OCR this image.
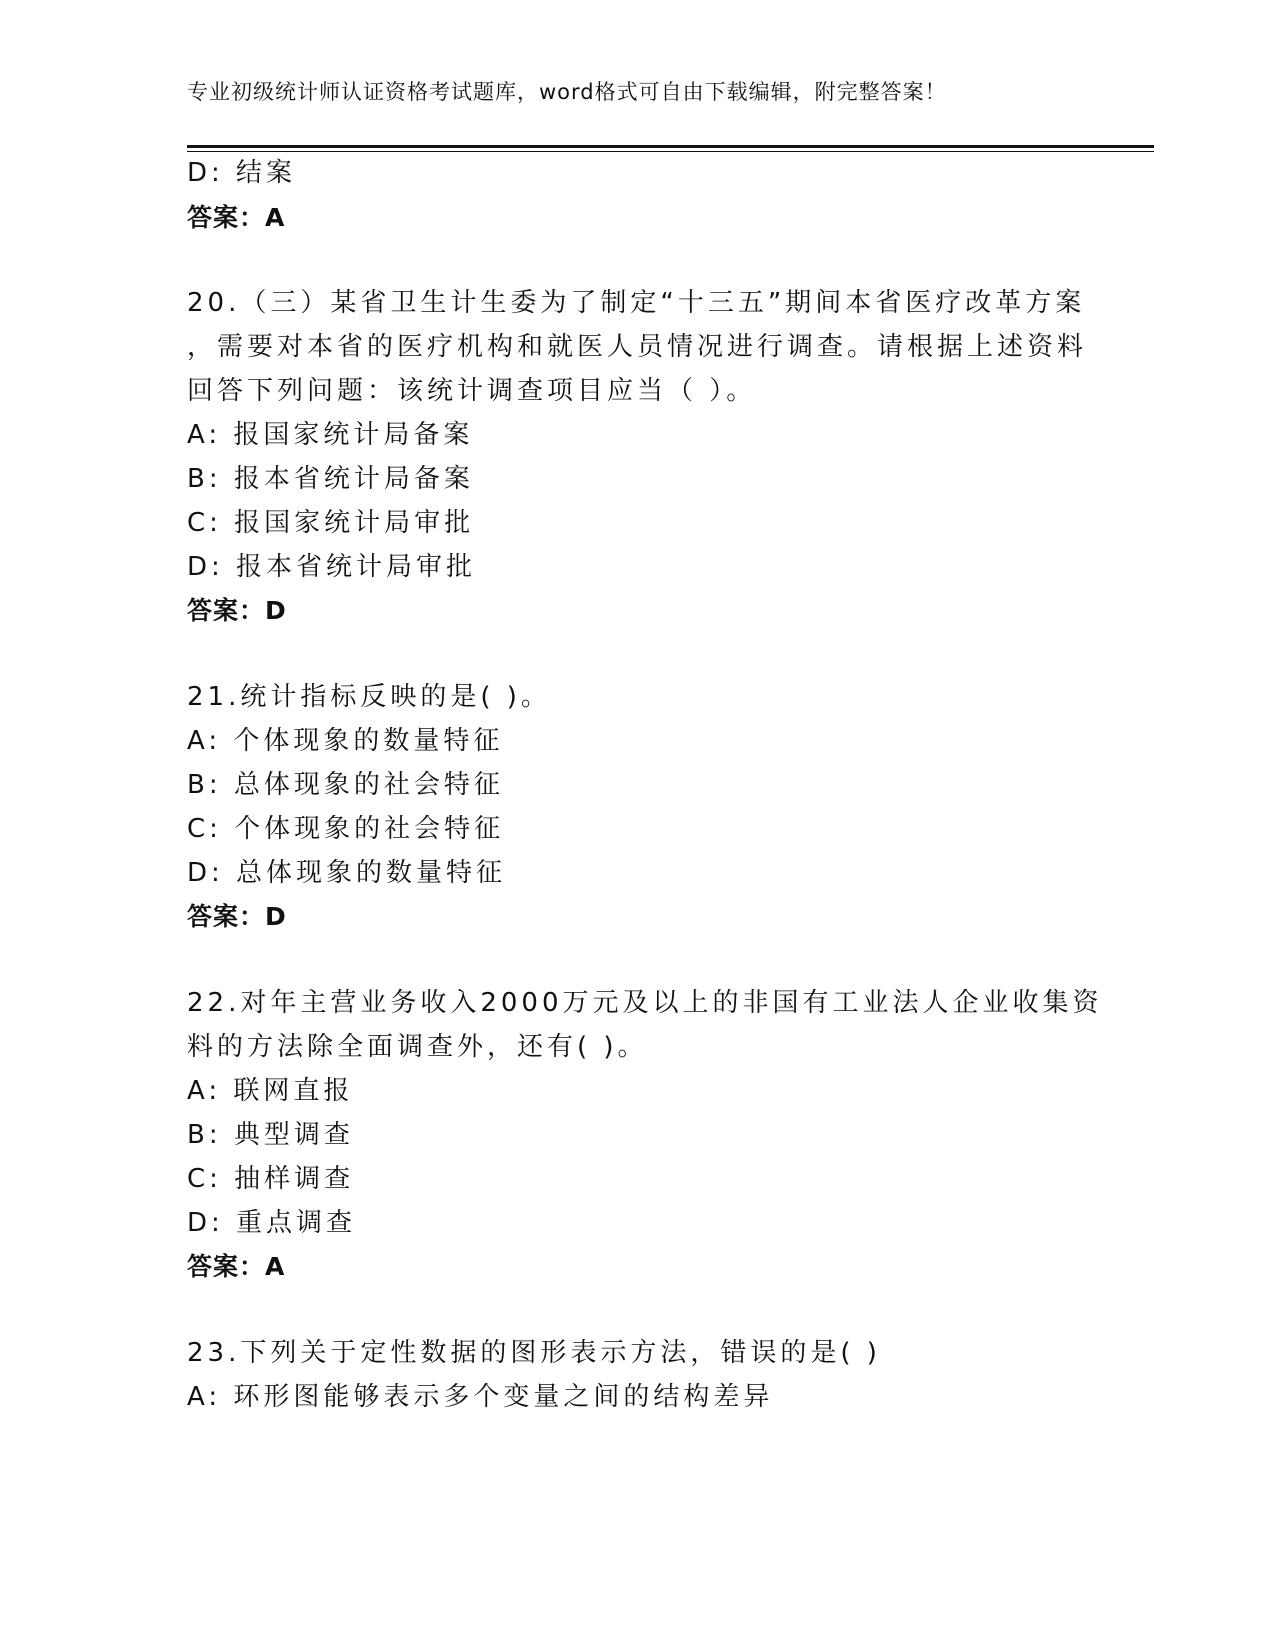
专业初级统计师认证资格考试题库，word格式可自由下载编辑，附完整答案！
D: 结案
答案：A
20.（三）某省卫生计生委为了制定“十三五”期间本省医疗改革方案
，需要对本省的医疗机构和就医人员情况进行调查。请根据上述资料
回答下列问题：该统计调查项目应当（ ）。
A: 报国家统计局备案
B: 报本省统计局备案
C: 报国家统计局审批
D: 报本省统计局审批
答案：D
21.统计指标反映的是( )。
A: 个体现象的数量特征
B: 总体现象的社会特征
C: 个体现象的社会特征
D: 总体现象的数量特征
答案：D
22.对年主营业务收入2000万元及以上的非国有工业法人企业收集资
料的方法除全面调查外，还有( )。
A: 联网直报
B: 典型调查
C: 抽样调查
D: 重点调查
答案：A
23.下列关于定性数据的图形表示方法，错误的是( )
A: 环形图能够表示多个变量之间的结构差异
